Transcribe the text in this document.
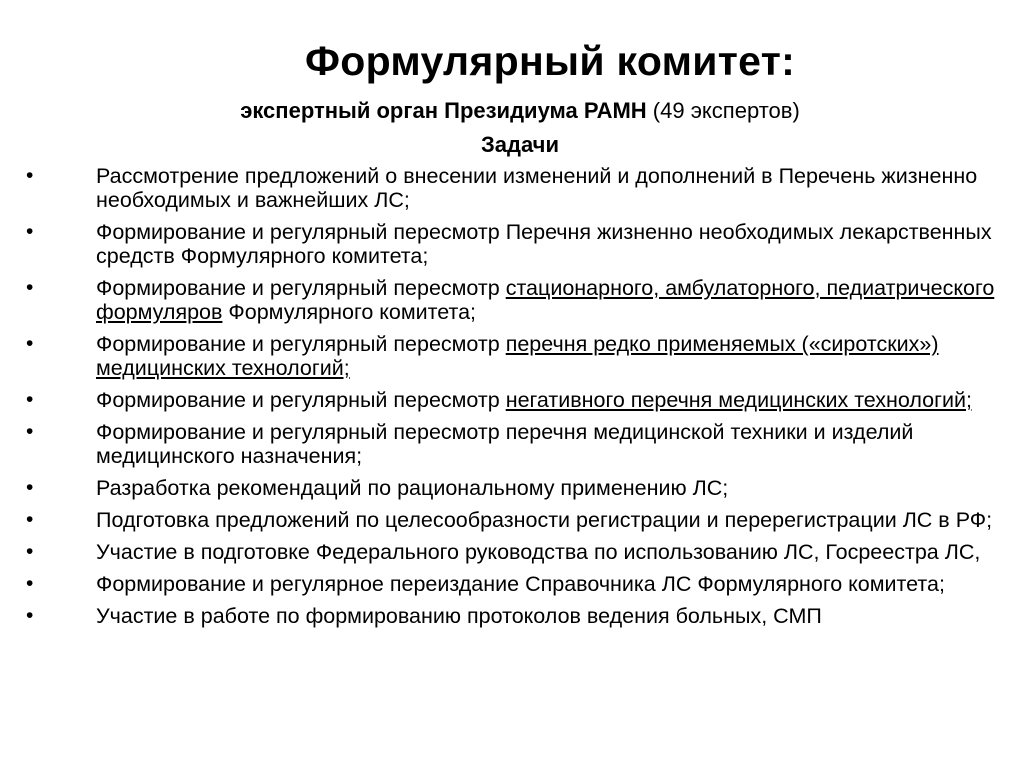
Формулярный комитет:
экспертный орган Президиума РАМН (49 экспертов)
Задачи
•	Рассмотрение предложений о внесении изменений и дополнений в Перечень жизненно необходимых и важнейших ЛС;
•	Формирование и регулярный пересмотр Перечня жизненно необходимых лекарственных средств Формулярного комитета;
•	Формирование и регулярный пересмотр стационарного, амбулаторного, педиатрического формуляров Формулярного комитета;
•	Формирование и регулярный пересмотр перечня редко применяемых («сиротских») медицинских технологий;
•	Формирование и регулярный пересмотр негативного перечня медицинских технологий;
•	Формирование и регулярный пересмотр перечня медицинской техники и изделий медицинского назначения;
•	Разработка рекомендаций по рациональному применению ЛС;
•	Подготовка предложений по целесообразности регистрации и перерегистрации ЛС в РФ;
•	Участие в подготовке Федерального руководства по использованию ЛС, Госреестра ЛС,
•	Формирование и регулярное переиздание Справочника ЛС Формулярного комитета;
•	Участие в работе по формированию протоколов ведения больных, СМП
